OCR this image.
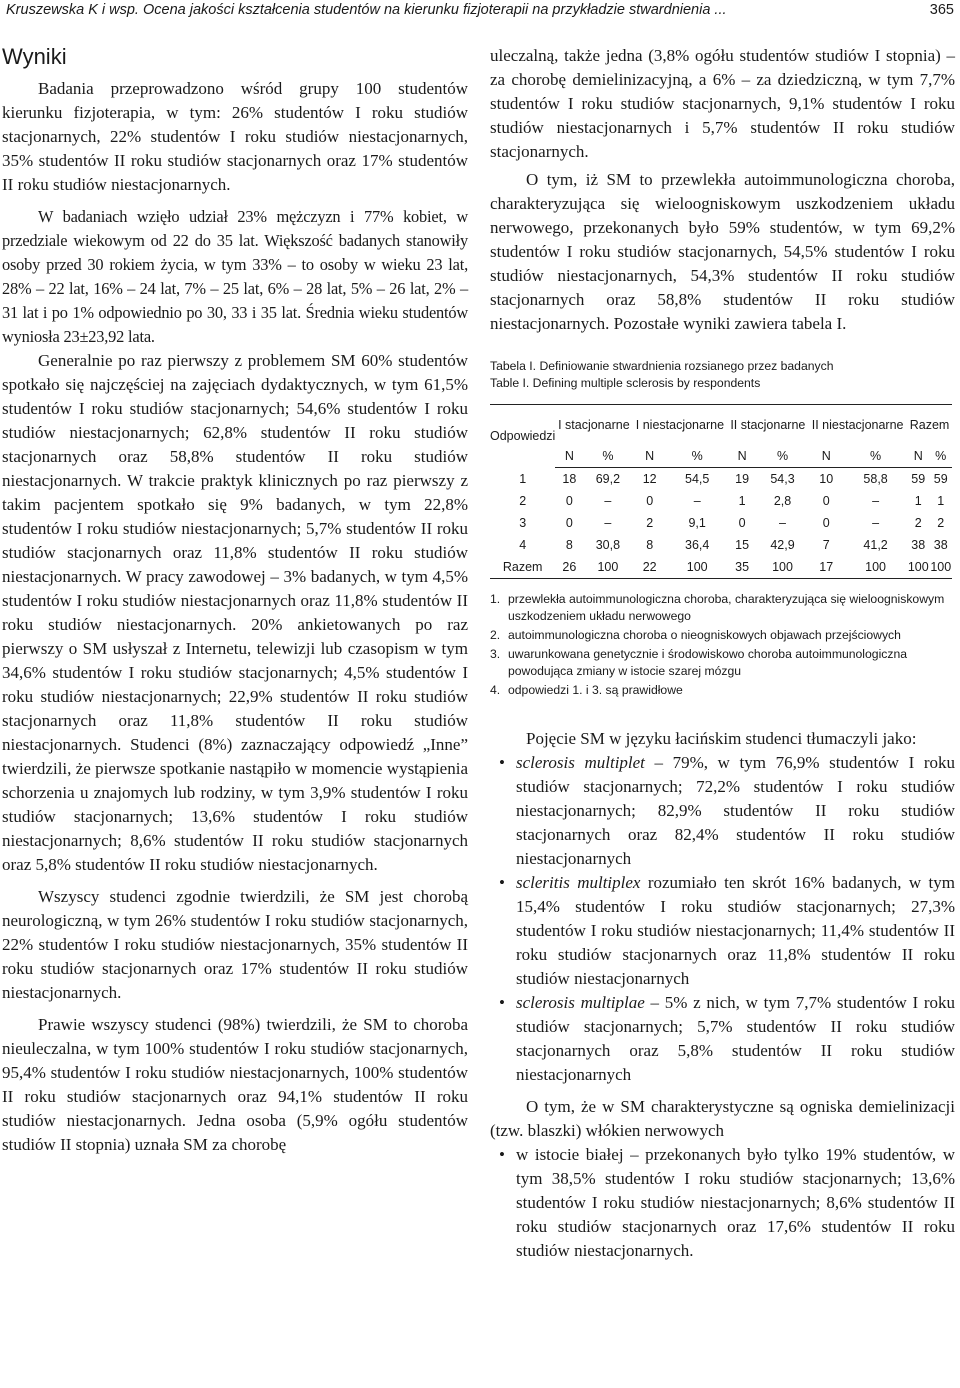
Kruszewska K i wsp. Ocena jakości kształcenia studentów na kierunku fizjoterapii na przykładzie stwardnienia ...	365
Wyniki

Badania przeprowadzono wśród grupy 100 studentów kierunku fizjoterapia, w tym: 26% studentów I roku studiów stacjonarnych, 22% studentów I roku studiów niestacjonarnych, 35% studentów II roku studiów stacjonarnych oraz 17% studentów II roku studiów niestacjonarnych.

W badaniach wzięło udział 23% mężczyzn i 77% kobiet, w przedziale wiekowym od 22 do 35 lat. Większość badanych stanowiły osoby przed 30 rokiem życia, w tym 33% – to osoby w wieku 23 lat, 28% – 22 lat, 16% – 24 lat, 7% – 25 lat, 6% – 28 lat, 5% – 26 lat, 2% – 31 lat i po 1% odpowiednio po 30, 33 i 35 lat. Średnia wieku studentów wyniosła 23±23,92 lata.

Generalnie po raz pierwszy z problemem SM 60% studentów spotkało się najczęściej na zajęciach dydaktycznych, w tym 61,5% studentów I roku studiów stacjonarnych; 54,6% studentów I roku studiów niestacjonarnych; 62,8% studentów II roku studiów stacjonarnych oraz 58,8% studentów II roku studiów niestacjonarnych. W trakcie praktyk klinicznych po raz pierwszy z takim pacjentem spotkało się 9% badanych, w tym 22,8% studentów I roku studiów niestacjonarnych; 5,7% studentów II roku studiów stacjonarnych oraz 11,8% studentów II roku studiów niestacjonarnych. W pracy zawodowej – 3% badanych, w tym 4,5% studentów I roku studiów niestacjonarnych oraz 11,8% studentów II roku studiów niestacjonarnych. 20% ankietowanych po raz pierwszy o SM usłyszał z Internetu, telewizji lub czasopism w tym 34,6% studentów I roku studiów stacjonarnych; 4,5% studentów I roku studiów niestacjonarnych; 22,9% studentów II roku studiów stacjonarnych oraz 11,8% studentów II roku studiów niestacjonarnych. Studenci (8%) zaznaczający odpowiedź „Inne” twierdzili, że pierwsze spotkanie nastąpiło w momencie wystąpienia schorzenia u znajomych lub rodziny, w tym 3,9% studentów I roku studiów stacjonarnych; 13,6% studentów I roku studiów niestacjonarnych; 8,6% studentów II roku studiów stacjonarnych oraz 5,8% studentów II roku studiów niestacjonarnych.

Wszyscy studenci zgodnie twierdzili, że SM jest chorobą neurologiczną, w tym 26% studentów I roku studiów stacjonarnych, 22% studentów I roku studiów niestacjonarnych, 35% studentów II roku studiów stacjonarnych oraz 17% studentów II roku studiów niestacjonarnych.

Prawie wszyscy studenci (98%) twierdzili, że SM to choroba nieuleczalna, w tym 100% studentów I roku studiów stacjonarnych, 95,4% studentów I roku studiów niestacjonarnych, 100% studentów II roku studiów stacjonarnych oraz 94,1% studentów II roku studiów niestacjonarnych. Jedna osoba (5,9% ogółu studentów studiów II stopnia) uznała SM za chorobę

uleczalną, także jedna (3,8% ogółu studentów studiów I stopnia) – za chorobę demielinizacyjną, a 6% – za dziedziczną, w tym 7,7% studentów I roku studiów stacjonarnych, 9,1% studentów I roku studiów niestacjonarnych i 5,7% studentów II roku studiów stacjonarnych.

O tym, iż SM to przewlekła autoimmunologiczna choroba, charakteryzująca się wieloogniskowym uszkodzeniem układu nerwowego, przekonanych było 59% studentów, w tym 69,2% studentów I roku studiów stacjonarnych, 54,5% studentów I roku studiów niestacjonarnych, 54,3% studentów II roku studiów stacjonarnych oraz 58,8% studentów II roku studiów niestacjonarnych. Pozostałe wyniki zawiera tabela I.

Tabela I. Definiowanie stwardnienia rozsianego przez badanych
Table I. Defining multiple sclerosis by respondents
Odpowiedzi	I stacjonarne		I niestacjonarne		II stacjonarne		II niestacjonarne		Razem	
	N	%	N	%	N	%	N	%	N	%
1	18	69,2	12	54,5	19	54,3	10	58,8	59	59
2	0	–	0	–	1	2,8	0	–	1	1
3	0	–	2	9,1	0	–	0	–	2	2
4	8	30,8	8	36,4	15	42,9	7	41,2	38	38
Razem	26	100	22	100	35	100	17	100	100	100
1. przewlekła autoimmunologiczna choroba, charakteryzująca się wieloogniskowym uszkodzeniem układu nerwowego
2. autoimmunologiczna choroba o nieogniskowych objawach przejściowych
3. uwarunkowana genetycznie i środowiskowo choroba autoimmunologiczna powodująca zmiany w istocie szarej mózgu
4. odpowiedzi 1. i 3. są prawidłowe

Pojęcie SM w języku łacińskim studenci tłumaczyli jako:

• sclerosis multiplet – 79%, w tym 76,9% studentów I roku studiów stacjonarnych; 72,2% studentów I roku studiów niestacjonarnych; 82,9% studentów II roku studiów stacjonarnych oraz 82,4% studentów II roku studiów niestacjonarnych
• scleritis multiplex rozumiało ten skrót 16% badanych, w tym 15,4% studentów I roku studiów stacjonarnych; 27,3% studentów I roku studiów niestacjonarnych; 11,4% studentów II roku studiów stacjonarnych oraz 11,8% studentów II roku studiów niestacjonarnych
• sclerosis multiplae – 5% z nich, w tym 7,7% studentów I roku studiów stacjonarnych; 5,7% studentów II roku studiów stacjonarnych oraz 5,8% studentów II roku studiów niestacjonarnych

O tym, że w SM charakterystyczne są ogniska demielinizacji (tzw. blaszki) włókien nerwowych

• w istocie białej – przekonanych było tylko 19% studentów, w tym 38,5% studentów I roku studiów stacjonarnych; 13,6% studentów I roku studiów niestacjonarnych; 8,6% studentów II roku studiów stacjonarnych oraz 17,6% studentów II roku studiów niestacjonarnych.
